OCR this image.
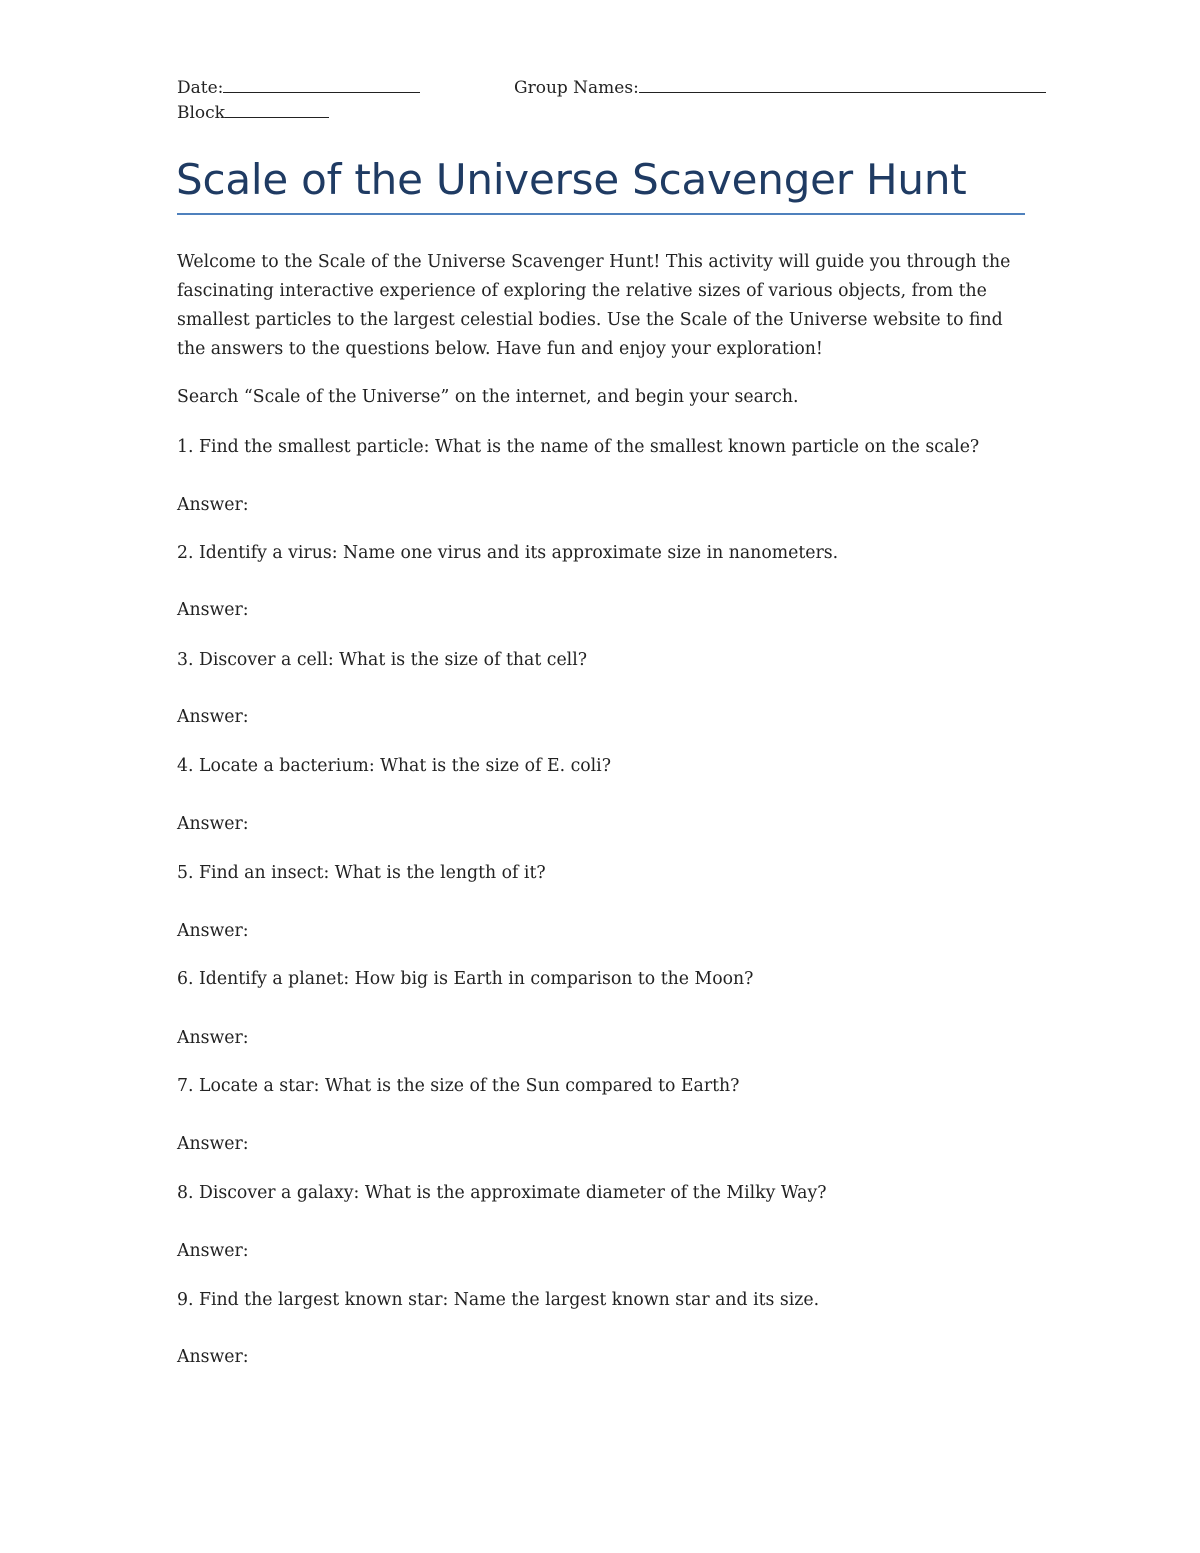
Date:	Group Names:
Block
Scale of the Universe Scavenger Hunt
Welcome to the Scale of the Universe Scavenger Hunt! This activity will guide you through the fascinating interactive experience of exploring the relative sizes of various objects, from the smallest particles to the largest celestial bodies. Use the Scale of the Universe website to find the answers to the questions below. Have fun and enjoy your exploration!
Search “Scale of the Universe” on the internet, and begin your search.
1. Find the smallest particle: What is the name of the smallest known particle on the scale?
Answer:
2. Identify a virus: Name one virus and its approximate size in nanometers.
Answer:
3. Discover a cell: What is the size of that cell?
Answer:
4. Locate a bacterium: What is the size of E. coli?
Answer:
5. Find an insect: What is the length of it?
Answer:
6. Identify a planet: How big is Earth in comparison to the Moon?
Answer:
7. Locate a star: What is the size of the Sun compared to Earth?
Answer:
8. Discover a galaxy: What is the approximate diameter of the Milky Way?
Answer:
9. Find the largest known star: Name the largest known star and its size.
Answer:
